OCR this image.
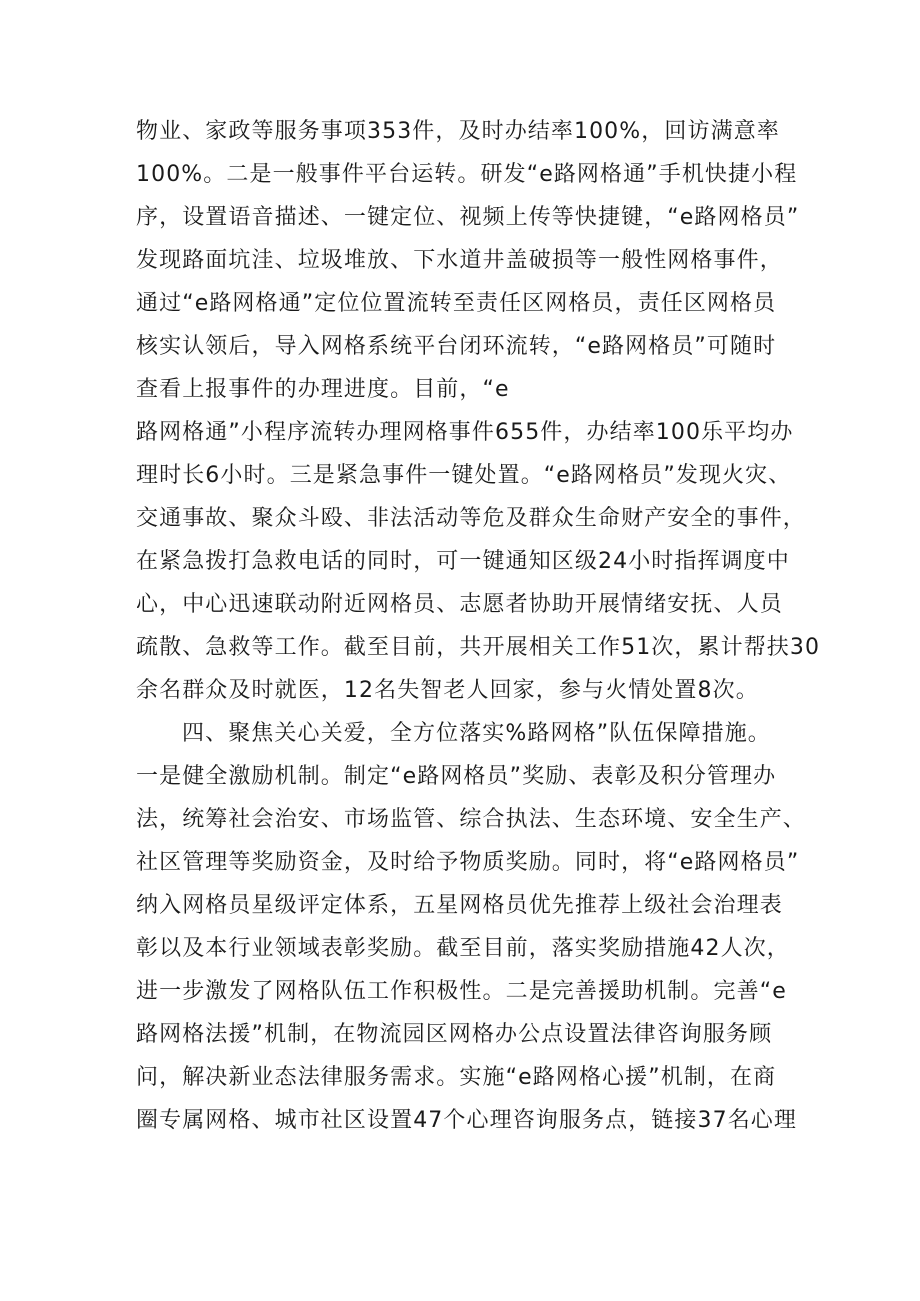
物业、家政等服务事项353件，及时办结率100%，回访满意率
100%。二是一般事件平台运转。研发“e路网格通”手机快捷小程
序，设置语音描述、一键定位、视频上传等快捷键，“e路网格员”
发现路面坑洼、垃圾堆放、下水道井盖破损等一般性网格事件，
通过“e路网格通”定位位置流转至责任区网格员，责任区网格员
核实认领后，导入网格系统平台闭环流转，“e路网格员”可随时
查看上报事件的办理进度。目前，“e
路网格通”小程序流转办理网格事件655件，办结率100乐平均办
理时长6小时。三是紧急事件一键处置。“e路网格员”发现火灾、
交通事故、聚众斗殴、非法活动等危及群众生命财产安全的事件，
在紧急拨打急救电话的同时，可一键通知区级24小时指挥调度中
心，中心迅速联动附近网格员、志愿者协助开展情绪安抚、人员
疏散、急救等工作。截至目前，共开展相关工作51次，累计帮扶30
余名群众及时就医，12名失智老人回家，参与火情处置8次。
四、聚焦关心关爱，全方位落实%路网格”队伍保障措施。
一是健全激励机制。制定“e路网格员”奖励、表彰及积分管理办
法，统筹社会治安、市场监管、综合执法、生态环境、安全生产、
社区管理等奖励资金，及时给予物质奖励。同时，将“e路网格员”
纳入网格员星级评定体系，五星网格员优先推荐上级社会治理表
彰以及本行业领域表彰奖励。截至目前，落实奖励措施42人次，
进一步激发了网格队伍工作积极性。二是完善援助机制。完善“e
路网格法援”机制，在物流园区网格办公点设置法律咨询服务顾
问，解决新业态法律服务需求。实施“e路网格心援”机制，在商
圈专属网格、城市社区设置47个心理咨询服务点，链接37名心理
